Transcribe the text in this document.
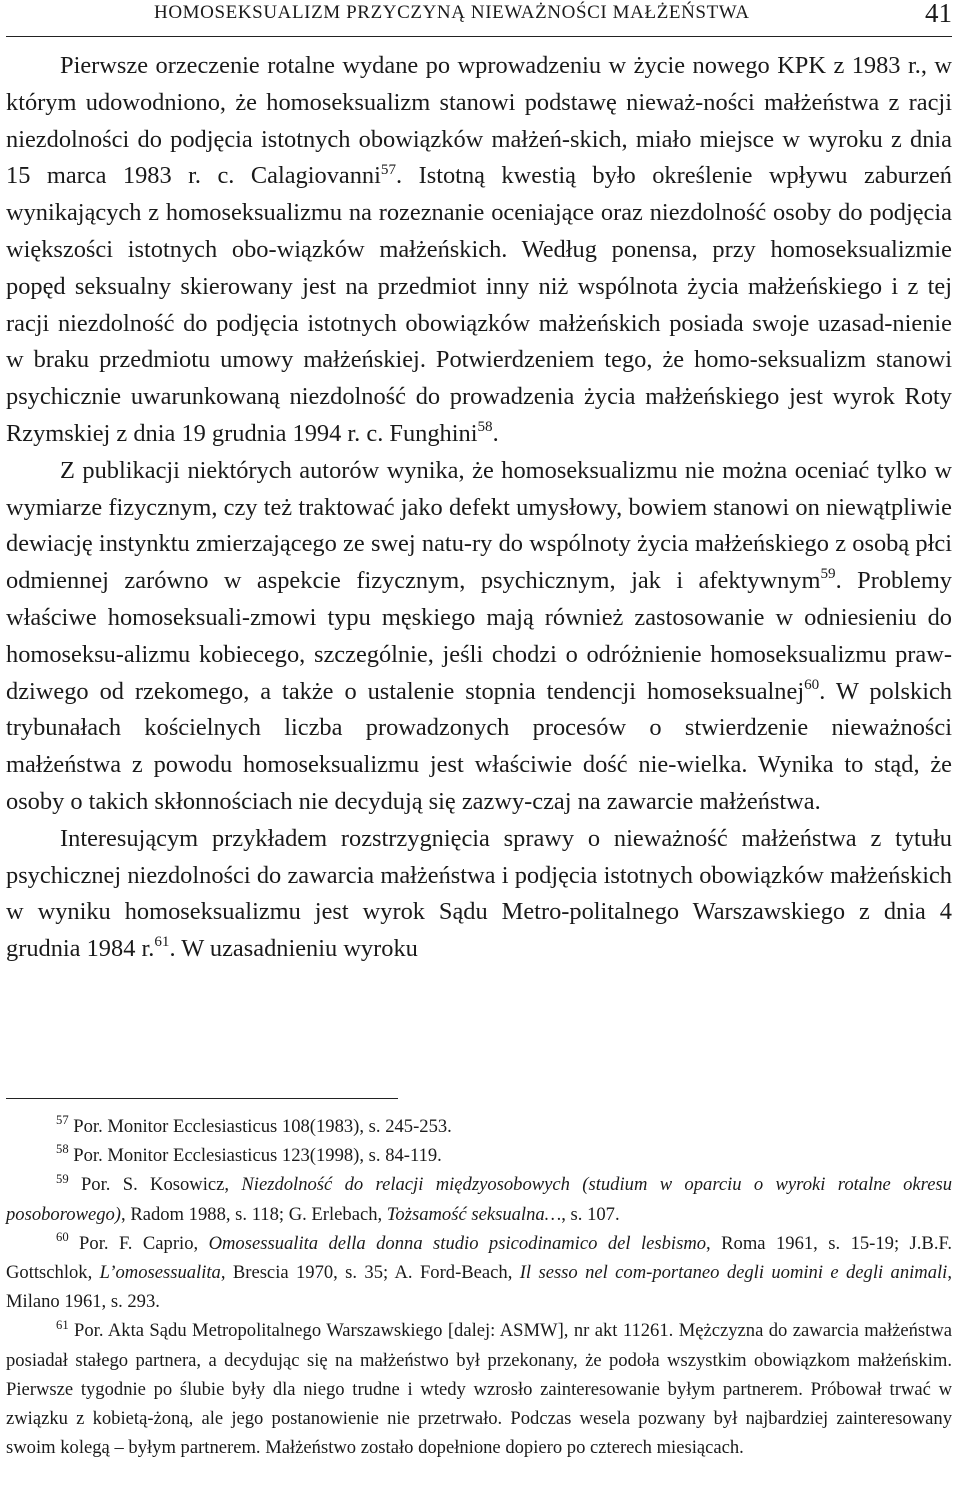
HOMOSEKSUALIZM PRZYCZYNĄ NIEWAŻNOŚCI MAŁŻEŃSTWA	41

Pierwsze orzeczenie rotalne wydane po wprowadzeniu w życie nowego KPK z 1983 r., w którym udowodniono, że homoseksualizm stanowi podstawę nieważ-ności małżeństwa z racji niezdolności do podjęcia istotnych obowiązków małżeń-skich, miało miejsce w wyroku z dnia 15 marca 1983 r. c. Calagiovanni$^{57}$. Istotną kwestią było określenie wpływu zaburzeń wynikających z homoseksualizmu na rozeznanie oceniające oraz niezdolność osoby do podjęcia większości istotnych obo-wiązków małżeńskich. Według ponensa, przy homoseksualizmie popęd seksualny skierowany jest na przedmiot inny niż wspólnota życia małżeńskiego i z tej racji niezdolność do podjęcia istotnych obowiązków małżeńskich posiada swoje uzasad-nienie w braku przedmiotu umowy małżeńskiej. Potwierdzeniem tego, że homo-seksualizm stanowi psychicznie uwarunkowaną niezdolność do prowadzenia życia małżeńskiego jest wyrok Roty Rzymskiej z dnia 19 grudnia 1994 r. c. Funghini$^{58}$.

Z publikacji niektórych autorów wynika, że homoseksualizmu nie można oceniać tylko w wymiarze fizycznym, czy też traktować jako defekt umysłowy, bowiem stanowi on niewątpliwie dewiację instynktu zmierzającego ze swej natu-ry do wspólnoty życia małżeńskiego z osobą płci odmiennej zarówno w aspekcie fizycznym, psychicznym, jak i afektywnym$^{59}$. Problemy właściwe homoseksuali-zmowi typu męskiego mają również zastosowanie w odniesieniu do homoseksu-alizmu kobiecego, szczególnie, jeśli chodzi o odróżnienie homoseksualizmu praw-dziwego od rzekomego, a także o ustalenie stopnia tendencji homoseksualnej$^{60}$. W polskich trybunałach kościelnych liczba prowadzonych procesów o stwierdzenie nieważności małżeństwa z powodu homoseksualizmu jest właściwie dość nie-wielka. Wynika to stąd, że osoby o takich skłonnościach nie decydują się zazwy-czaj na zawarcie małżeństwa.

Interesującym przykładem rozstrzygnięcia sprawy o nieważność małżeństwa z tytułu psychicznej niezdolności do zawarcia małżeństwa i podjęcia istotnych obowiązków małżeńskich w wyniku homoseksualizmu jest wyrok Sądu Metro-politalnego Warszawskiego z dnia 4 grudnia 1984 r.$^{61}$. W uzasadnieniu wyroku

$^{57}$ Por. Monitor Ecclesiasticus 108(1983), s. 245-253.

$^{58}$ Por. Monitor Ecclesiasticus 123(1998), s. 84-119.

$^{59}$ Por. S. Kosowicz, Niezdolność do relacji międzyosobowych (studium w oparciu o wyroki rotalne okresu posoborowego), Radom 1988, s. 118; G. Erlebach, Tożsamość seksualna…, s. 107.

$^{60}$ Por. F. Caprio, Omosessualita della donna studio psicodinamico del lesbismo, Roma 1961, s. 15-19; J.B.F. Gottschlok, L’omosessualita, Brescia 1970, s. 35; A. Ford-Beach, Il sesso nel com-portaneo degli uomini e degli animali, Milano 1961, s. 293.

$^{61}$ Por. Akta Sądu Metropolitalnego Warszawskiego [dalej: ASMW], nr akt 11261. Mężczyzna do zawarcia małżeństwa posiadał stałego partnera, a decydując się na małżeństwo był przekonany, że podoła wszystkim obowiązkom małżeńskim. Pierwsze tygodnie po ślubie były dla niego trudne i wtedy wzrosło zainteresowanie byłym partnerem. Próbował trwać w związku z kobietą-żoną, ale jego postanowienie nie przetrwało. Podczas wesela pozwany był najbardziej zainteresowany swoim kolegą – byłym partnerem. Małżeństwo zostało dopełnione dopiero po czterech miesiącach.
